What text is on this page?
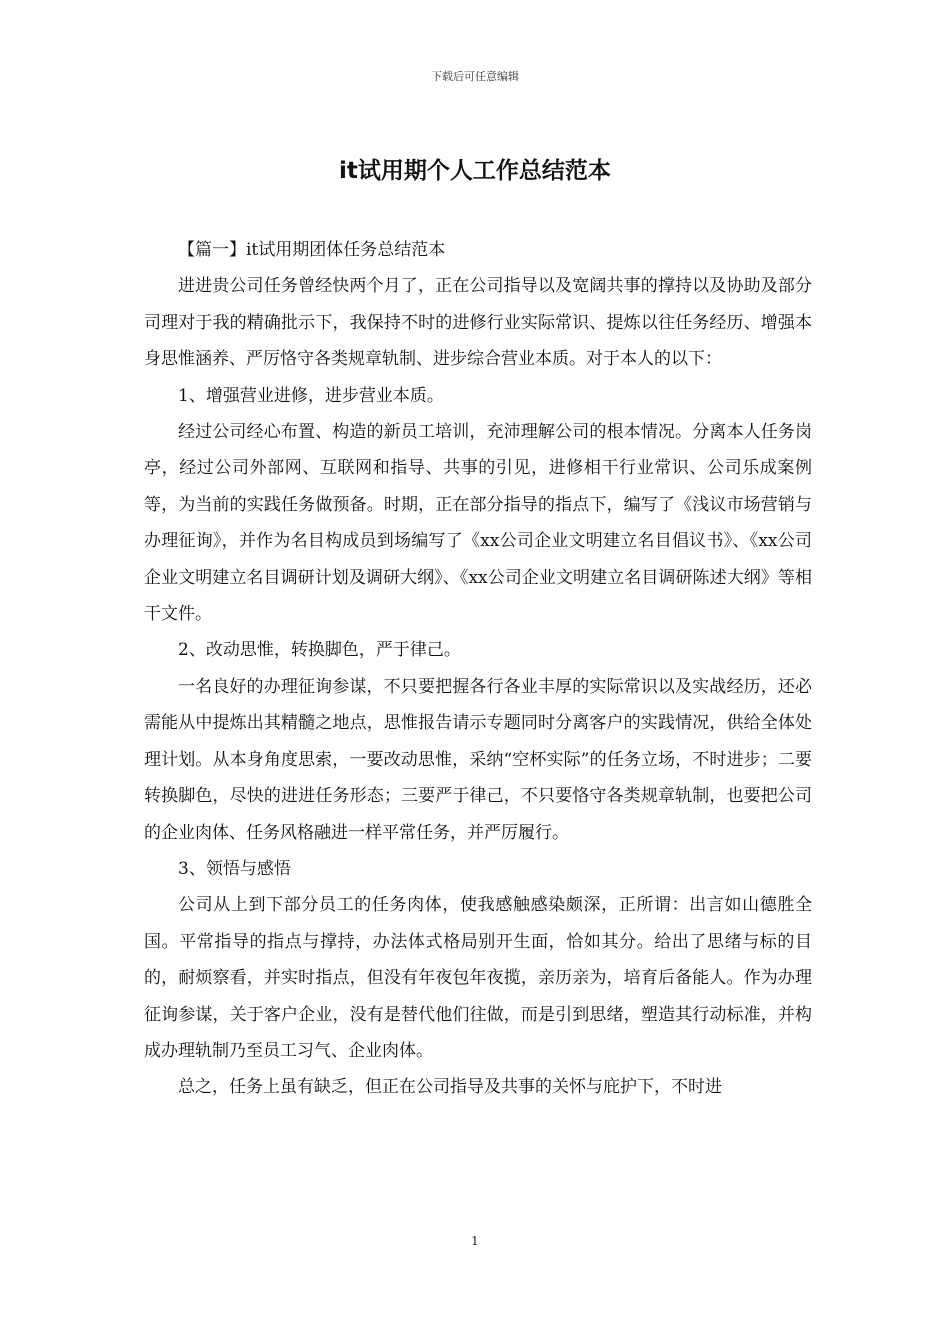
下载后可任意编辑
it试用期个人工作总结范本

【篇一】it试用期团体任务总结范本

进进贵公司任务曾经快两个月了，正在公司指导以及宽阔共事的撑持以及协助及部分司理对于我的精确批示下，我保持不时的进修行业实际常识、提炼以往任务经历、增强本身思惟涵养、严厉恪守各类规章轨制、进步综合营业本质。对于本人的以下：

1、增强营业进修，进步营业本质。

经过公司经心布置、构造的新员工培训，充沛理解公司的根本情况。分离本人任务岗亭，经过公司外部网、互联网和指导、共事的引见，进修相干行业常识、公司乐成案例等，为当前的实践任务做预备。时期，正在部分指导的指点下，编写了《浅议市场营销与办理征询》，并作为名目构成员到场编写了《xx公司企业文明建立名目倡议书》、《xx公司企业文明建立名目调研计划及调研大纲》、《xx公司企业文明建立名目调研陈述大纲》等相干文件。

2、改动思惟，转换脚色，严于律己。

一名良好的办理征询参谋，不只要把握各行各业丰厚的实际常识以及实战经历，还必需能从中提炼出其精髓之地点，思惟报告请示专题同时分离客户的实践情况，供给全体处理计划。从本身角度思索，一要改动思惟，采纳“空杯实际”的任务立场，不时进步；二要转换脚色，尽快的进进任务形态；三要严于律己，不只要恪守各类规章轨制，也要把公司的企业肉体、任务风格融进一样平常任务，并严厉履行。

3、领悟与感悟

公司从上到下部分员工的任务肉体，使我感触感染颇深，正所谓：出言如山德胜全国。平常指导的指点与撑持，办法体式格局别开生面，恰如其分。给出了思绪与标的目的，耐烦察看，并实时指点，但没有年夜包年夜揽，亲历亲为，培育后备能人。作为办理征询参谋，关于客户企业，没有是替代他们往做，而是引到思绪，塑造其行动标准，并构成办理轨制乃至员工习气、企业肉体。

总之，任务上虽有缺乏，但正在公司指导及共事的关怀与庇护下，不时进

1
